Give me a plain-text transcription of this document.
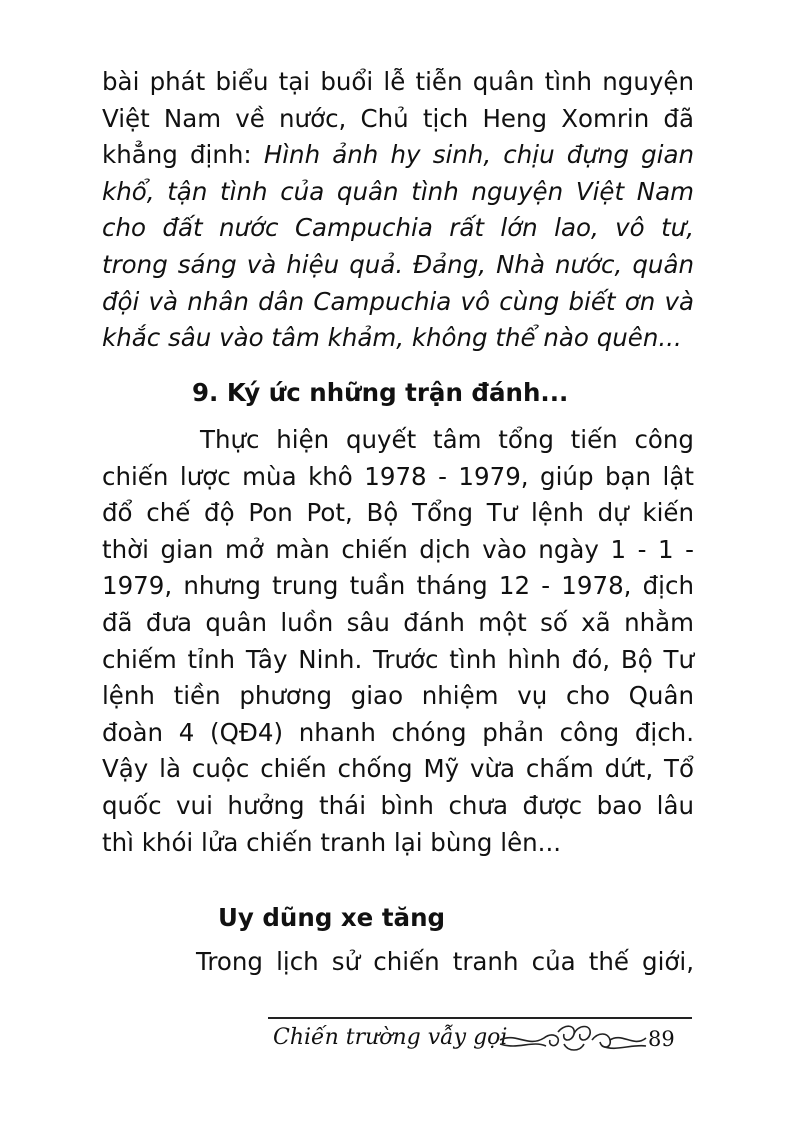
bài phát biểu tại buổi lễ tiễn quân tình nguyện
Việt Nam về nước, Chủ tịch Heng Xomrin đã
khẳng định: Hình ảnh hy sinh, chịu đựng gian
khổ, tận tình của quân tình nguyện Việt Nam
cho đất nước Campuchia rất lớn lao, vô tư,
trong sáng và hiệu quả. Đảng, Nhà nước, quân
đội và nhân dân Campuchia vô cùng biết ơn và
khắc sâu vào tâm khảm, không thể nào quên...
9. Ký ức những trận đánh...
Thực hiện quyết tâm tổng tiến công
chiến lược mùa khô 1978 - 1979, giúp bạn lật
đổ chế độ Pon Pot, Bộ Tổng Tư lệnh dự kiến
thời gian mở màn chiến dịch vào ngày 1 - 1 -
1979, nhưng trung tuần tháng 12 - 1978, địch
đã đưa quân luồn sâu đánh một số xã nhằm
chiếm tỉnh Tây Ninh. Trước tình hình đó, Bộ Tư
lệnh tiền phương giao nhiệm vụ cho Quân
đoàn 4 (QĐ4) nhanh chóng phản công địch.
Vậy là cuộc chiến chống Mỹ vừa chấm dứt, Tổ
quốc vui hưởng thái bình chưa được bao lâu
thì khói lửa chiến tranh lại bùng lên...
Uy dũng xe tăng
Trong lịch sử chiến tranh của thế giới,
Chiến trường vẫy gọi	89
